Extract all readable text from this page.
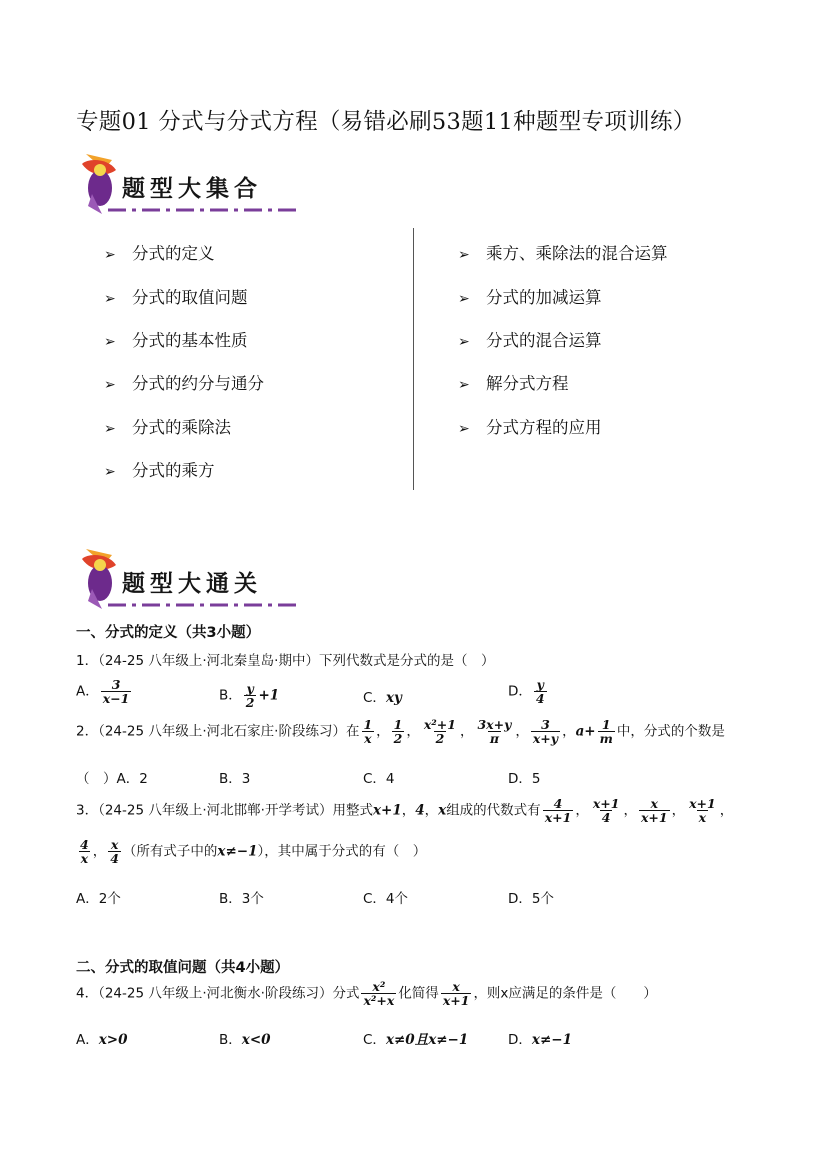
专题01 分式与分式方程（易错必刷53题11种题型专项训练）
题型大集合
➢ 分式的定义
➢ 分式的取值问题
➢ 分式的基本性质
➢ 分式的约分与通分
➢ 分式的乘除法
➢ 分式的乘方
➢ 乘方、乘除法的混合运算
➢ 分式的加减运算
➢ 分式的混合运算
➢ 解分式方程
➢ 分式方程的应用
题型大通关
一、分式的定义（共3小题）
1．（24-25 八年级上·河北秦皇岛·期中）下列代数式是分式的是（　）
A． $\frac{3}{x-1}$	B． $\frac{y}{2} +1$	C．xy	D． $\frac{y}{4}$
2．（24-25 八年级上·河北石家庄·阶段练习）在 $\frac{1}{x}$ ， $\frac{1}{2}$ ， $\frac{\text{x²+1}}{2}$ ， $\frac{3x+y}{\pi}$ ， $\frac{3}{x+y}$ ，$a+ \frac{1}{m}$ 中，分式的个数是
（　）A．2	B．3	C．4	D．5
3．（24-25 八年级上·河北邯郸·开学考试）用整式x+1，4，x组成的代数式有 $\frac{4}{x+1}$ ， $\frac{x+1}{4}$ ， $\frac{x}{x+1}$ ， $\frac{x+1}{x}$ ，
$\frac{4}{x}$ ， $\frac{x}{4}$ （所有式子中的x≠−1），其中属于分式的有（　）
A．2个	B．3个	C．4个	D．5个
二、分式的取值问题（共4小题）
4．（24-25 八年级上·河北衡水·阶段练习）分式 $\frac{\text{x²}}{\text{x²+x}}$ 化简得 $\frac{x}{x+1}$ ，则x应满足的条件是（　　）
A．x>0	B．x<0	C．x≠0且x≠−1	D．x≠−1
